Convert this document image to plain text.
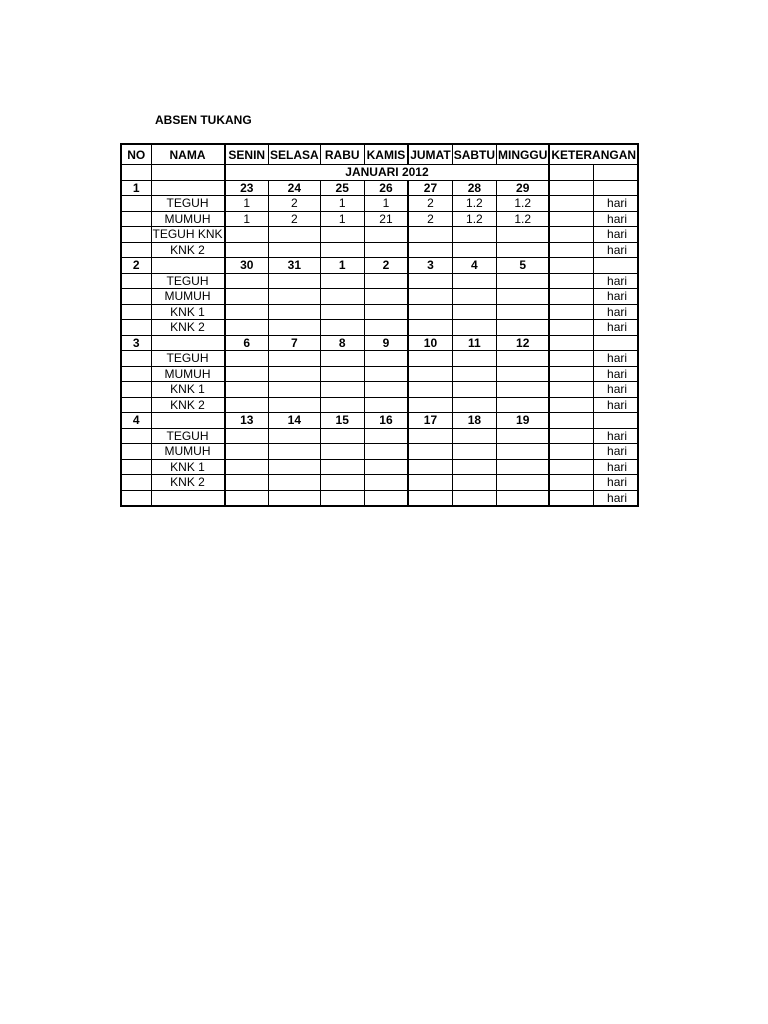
ABSEN TUKANG
NO	NAMA	SENIN	SELASA	RABU	KAMIS	JUMAT	SABTU	MINGGU	KETERANGAN	
		JANUARI 2012								
1		23	24	25	26	27	28	29		
	TEGUH	1	2	1	1	2	1.2	1.2		hari
	MUMUH	1	2	1	21	2	1.2	1.2		hari
	TEGUH KNK									hari
	KNK 2									hari
2		30	31	1	2	3	4	5		
	TEGUH									hari
	MUMUH									hari
	KNK 1									hari
	KNK 2									hari
3		6	7	8	9	10	11	12		
	TEGUH									hari
	MUMUH									hari
	KNK 1									hari
	KNK 2									hari
4		13	14	15	16	17	18	19		
	TEGUH									hari
	MUMUH									hari
	KNK 1									hari
	KNK 2									hari
										hari
